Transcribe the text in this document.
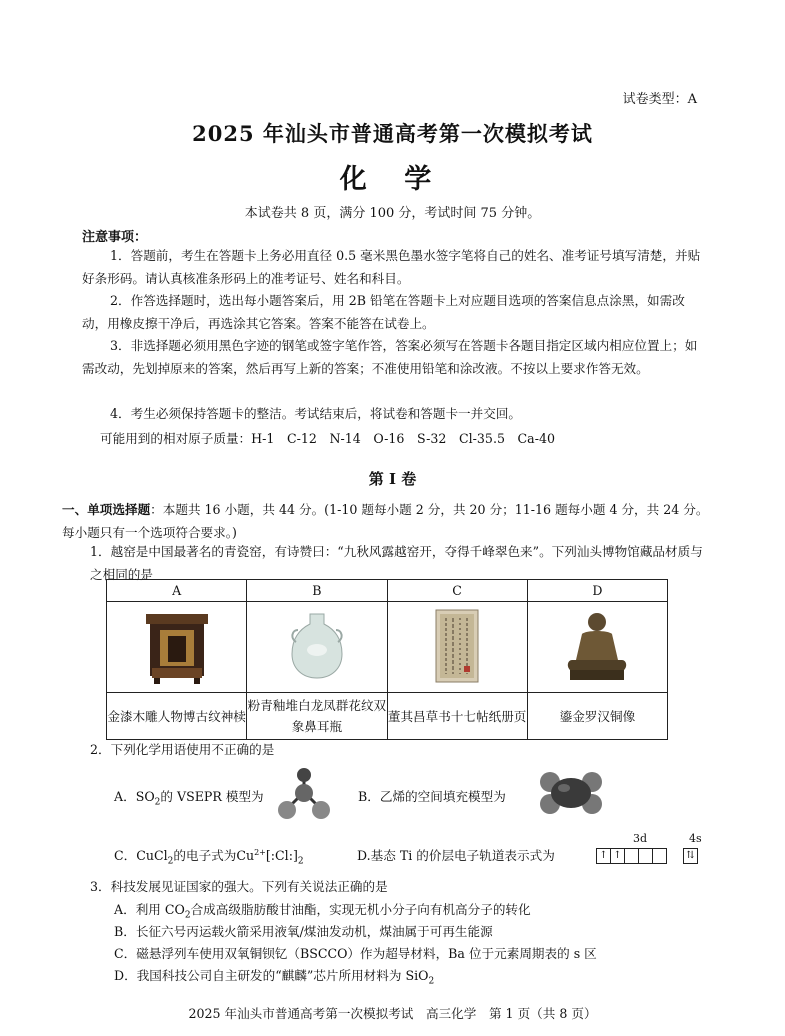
试卷类型：A
2025 年汕头市普通高考第一次模拟考试
化 学
本试卷共 8 页，满分 100 分，考试时间 75 分钟。
注意事项：
1．答题前，考生在答题卡上务必用直径 0.5 毫米黑色墨水签字笔将自己的姓名、准考证号填写清楚，并贴好条形码。请认真核准条形码上的准考证号、姓名和科目。
2．作答选择题时，选出每小题答案后，用 2B 铅笔在答题卡上对应题目选项的答案信息点涂黑，如需改动，用橡皮擦干净后，再选涂其它答案。答案不能答在试卷上。
3．非选择题必须用黑色字迹的钢笔或签字笔作答，答案必须写在答题卡各题目指定区域内相应位置上；如需改动，先划掉原来的答案，然后再写上新的答案；不准使用铅笔和涂改液。不按以上要求作答无效。
4．考生必须保持答题卡的整洁。考试结束后，将试卷和答题卡一并交回。
可能用到的相对原子质量：H-1　C-12　N-14　O-16　S-32　Cl-35.5　Ca-40
第 I 卷
一、单项选择题：本题共 16 小题，共 44 分。(1-10 题每小题 2 分，共 20 分；11-16 题每小题 4 分，共 24 分。每小题只有一个选项符合要求。)
1．越窑是中国最著名的青瓷窑，有诗赞曰：“九秋风露越窑开，夺得千峰翠色来”。下列汕头博物馆藏品材质与之相同的是
A	B	C	D

金漆木雕人物博古纹神椟	粉青釉堆白龙凤群花纹双象鼻耳瓶	董其昌草书十七帖纸册页	鎏金罗汉铜像
2．下列化学用语使用不正确的是
A．$SO_2$的 VSEPR 模型为	B．乙烯的空间填充模型为
C．CuCl$_2$的电子式为$Cu^{2+}[:Cl:]_2$	D.基态 Ti 的价层电子轨道表示式为
3d	4s
↑ ↑	⇅
3．科技发展见证国家的强大。下列有关说法正确的是
A．利用 $CO_2$合成高级脂肪酸甘油酯，实现无机小分子向有机高分子的转化
B．长征六号丙运载火箭采用液氧/煤油发动机，煤油属于可再生能源
C．磁悬浮列车使用双氧铜钡钇（BSCCO）作为超导材料，Ba 位于元素周期表的 s 区
D．我国科技公司自主研发的“麒麟”芯片所用材料为 SiO$_2$
2025 年汕头市普通高考第一次模拟考试　高三化学　第 1 页（共 8 页）
